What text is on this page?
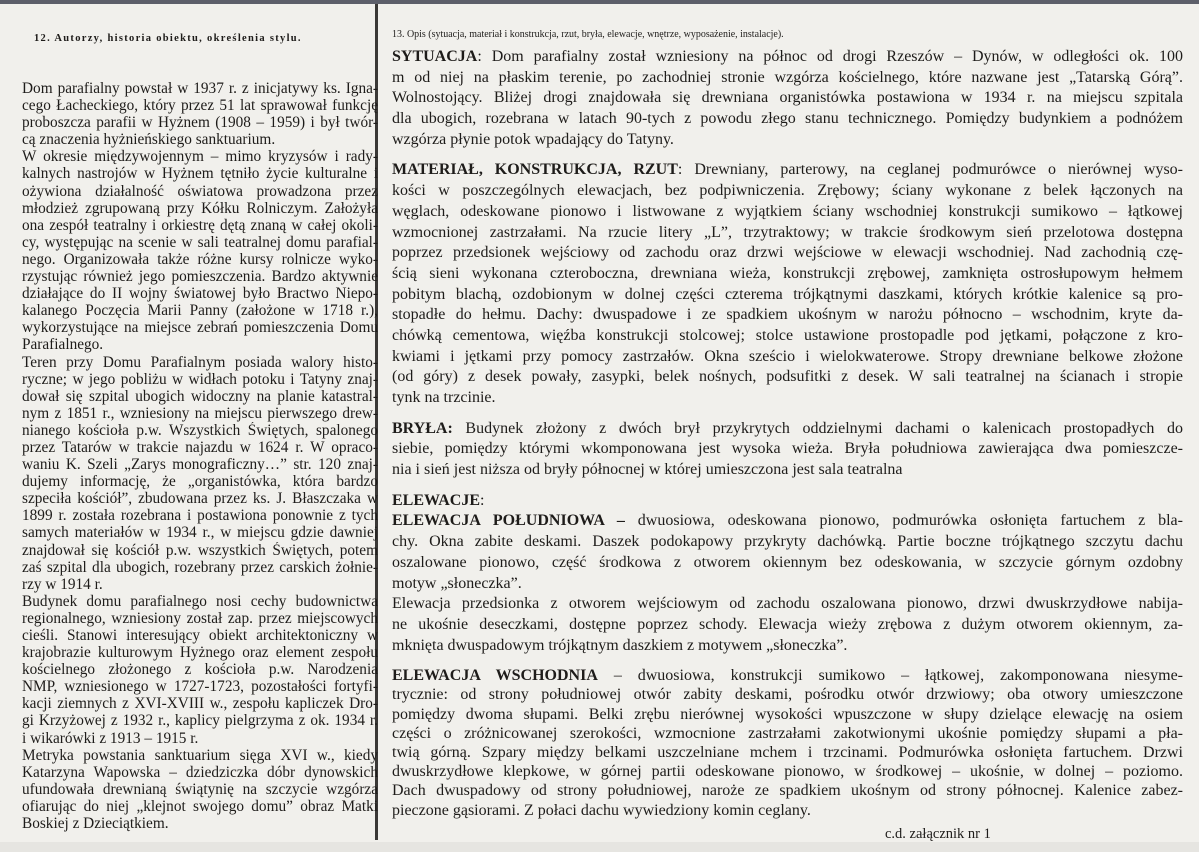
12. Autorzy, historia obiektu, określenia stylu.
Dom parafialny powstał w 1937 r. z inicjatywy ks. Igna-
cego Łacheckiego, który przez 51 lat sprawował funkcję
proboszcza parafii w Hyżnem (1908 – 1959) i był twór-
cą znaczenia hyżnieńskiego sanktuarium.
W okresie międzywojennym – mimo kryzysów i rady-
kalnych nastrojów w Hyżnem tętniło życie kulturalne i
ożywiona działalność oświatowa prowadzona przez
młodzież zgrupowaną przy Kółku Rolniczym. Założyła
ona zespół teatralny i orkiestrę dętą znaną w całej okoli-
cy, występując na scenie w sali teatralnej domu parafial-
nego. Organizowała także różne kursy rolnicze wyko-
rzystując również jego pomieszczenia. Bardzo aktywnie
działające do II wojny światowej było Bractwo Niepo-
kalanego Poczęcia Marii Panny (założone w 1718 r.),
wykorzystujące na miejsce zebrań pomieszczenia Domu
Parafialnego.
Teren przy Domu Parafialnym posiada walory histo-
ryczne; w jego pobliżu w widłach potoku i Tatyny znaj-
dował się szpital ubogich widoczny na planie katastral-
nym z 1851 r., wzniesiony na miejscu pierwszego drew-
nianego kościoła p.w. Wszystkich Świętych, spalonego
przez Tatarów w trakcie najazdu w 1624 r. W opraco-
waniu K. Szeli „Zarys monograficzny…” str. 120 znaj-
dujemy informację, że „organistówka, która bardzo
szpeciła kościół”, zbudowana przez ks. J. Błaszczaka w
1899 r. została rozebrana i postawiona ponownie z tych
samych materiałów w 1934 r., w miejscu gdzie dawniej
znajdował się kościół p.w. wszystkich Świętych, potem
zaś szpital dla ubogich, rozebrany przez carskich żołnie-
rzy w 1914 r.
Budynek domu parafialnego nosi cechy budownictwa
regionalnego, wzniesiony został zap. przez miejscowych
cieśli. Stanowi interesujący obiekt architektoniczny w
krajobrazie kulturowym Hyżnego oraz element zespołu
kościelnego złożonego z kościoła p.w. Narodzenia
NMP, wzniesionego w 1727-1723, pozostałości fortyfi-
kacji ziemnych z XVI-XVIII w., zespołu kapliczek Dro-
gi Krzyżowej z 1932 r., kaplicy pielgrzyma z ok. 1934 r.
i wikarówki z 1913 – 1915 r.
Metryka powstania sanktuarium sięga XVI w., kiedy
Katarzyna Wapowska – dziedziczka dóbr dynowskich
ufundowała drewnianą świątynię na szczycie wzgórza
ofiarując do niej „klejnot swojego domu” obraz Matki
Boskiej z Dzieciątkiem.
13. Opis (sytuacja, materiał i konstrukcja, rzut, bryła, elewacje, wnętrze, wyposażenie, instalacje).
SYTUACJA: Dom parafialny został wzniesiony na północ od drogi Rzeszów – Dynów, w odległości ok. 100
m od niej na płaskim terenie, po zachodniej stronie wzgórza kościelnego, które nazwane jest „Tatarską Górą”.
Wolnostojący. Bliżej drogi znajdowała się drewniana organistówka postawiona w 1934 r. na miejscu szpitala
dla ubogich, rozebrana w latach 90-tych z powodu złego stanu technicznego. Pomiędzy budynkiem a podnóżem
wzgórza płynie potok wpadający do Tatyny.
MATERIAŁ, KONSTRUKCJA, RZUT: Drewniany, parterowy, na ceglanej podmurówce o nierównej wyso-
kości w poszczególnych elewacjach, bez podpiwniczenia. Zrębowy; ściany wykonane z belek łączonych na
węglach, odeskowane pionowo i listwowane z wyjątkiem ściany wschodniej konstrukcji sumikowo – łątkowej
wzmocnionej zastrzałami. Na rzucie litery „L”, trzytraktowy; w trakcie środkowym sień przelotowa dostępna
poprzez przedsionek wejściowy od zachodu oraz drzwi wejściowe w elewacji wschodniej. Nad zachodnią czę-
ścią sieni wykonana czteroboczna, drewniana wieża, konstrukcji zrębowej, zamknięta ostrosłupowym hełmem
pobitym blachą, ozdobionym w dolnej części czterema trójkątnymi daszkami, których krótkie kalenice są pro-
stopadłe do hełmu. Dachy: dwuspadowe i ze spadkiem ukośnym w narożu północno – wschodnim, kryte da-
chówką cementowa, więźba konstrukcji stolcowej; stolce ustawione prostopadle pod jętkami, połączone z kro-
kwiami i jętkami przy pomocy zastrzałów. Okna sześcio i wielokwaterowe. Stropy drewniane belkowe złożone
(od góry) z desek powały, zasypki, belek nośnych, podsufitki z desek. W sali teatralnej na ścianach i stropie
tynk na trzcinie.
BRYŁA: Budynek złożony z dwóch brył przykrytych oddzielnymi dachami o kalenicach prostopadłych do
siebie, pomiędzy którymi wkomponowana jest wysoka wieża. Bryła południowa zawierająca dwa pomieszcze-
nia i sień jest niższa od bryły północnej w której umieszczona jest sala teatralna
ELEWACJE:
ELEWACJA POŁUDNIOWA – dwuosiowa, odeskowana pionowo, podmurówka osłonięta fartuchem z bla-
chy. Okna zabite deskami. Daszek podokapowy przykryty dachówką. Partie boczne trójkątnego szczytu dachu
oszalowane pionowo, część środkowa z otworem okiennym bez odeskowania, w szczycie górnym ozdobny
motyw „słoneczka”.
Elewacja przedsionka z otworem wejściowym od zachodu oszalowana pionowo, drzwi dwuskrzydłowe nabija-
ne ukośnie deseczkami, dostępne poprzez schody. Elewacja wieży zrębowa z dużym otworem okiennym, za-
mknięta dwuspadowym trójkątnym daszkiem z motywem „słoneczka”.
ELEWACJA WSCHODNIA – dwuosiowa, konstrukcji sumikowo – łątkowej, zakomponowana niesyme-
trycznie: od strony południowej otwór zabity deskami, pośrodku otwór drzwiowy; oba otwory umieszczone
pomiędzy dwoma słupami. Belki zrębu nierównej wysokości wpuszczone w słupy dzielące elewację na osiem
części o zróżnicowanej szerokości, wzmocnione zastrzałami zakotwionymi ukośnie pomiędzy słupami a pła-
twią górną. Szpary między belkami uszczelniane mchem i trzcinami. Podmurówka osłonięta fartuchem. Drzwi
dwuskrzydłowe klepkowe, w górnej partii odeskowane pionowo, w środkowej – ukośnie, w dolnej – poziomo.
Dach dwuspadowy od strony południowej, naroże ze spadkiem ukośnym od strony północnej. Kalenice zabez-
pieczone gąsiorami. Z połaci dachu wywiedziony komin ceglany.
c.d. załącznik nr 1
